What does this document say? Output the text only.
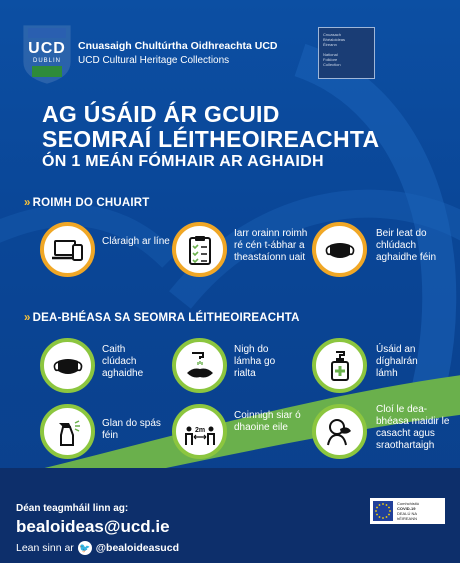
UCD
DUBLIN
Cnuasaigh Chultúrtha Oidhreachta UCD
UCD Cultural Heritage Collections
Cnuasach
Bhéaloideas
Éireann

National
Folklore
Collection
AG ÚSÁID ÁR GCUID
SEOMRAÍ LÉITHEOIREACHTA
ÓN 1 MEÁN FÓMHAIR AR AGHAIDH
» ROIMH DO CHUAIRT
Cláraigh ar líne
Iarr orainn roimh ré cén t-ábhar a theastaíonn uait
Beir leat do chlúdach aghaidhe féin
» DEA-BHÉASA SA SEOMRA LÉITHEOIREACHTA
Caith clúdach aghaidhe
Nigh do lámha go rialta
Úsáid an díghalrán lámh
Glan do spás féin	2m
Coinnigh siar ó dhaoine eile
Cloí le dea-bhéasa maidir le casacht agus sraothartaigh
Déan teagmháil linn ag:
bealoideas@ucd.ie
Lean sinn ar 🐦 @bealoideasucd
Comhchistiú
COVID-19
DEALÚ NA
hÉIREANN
